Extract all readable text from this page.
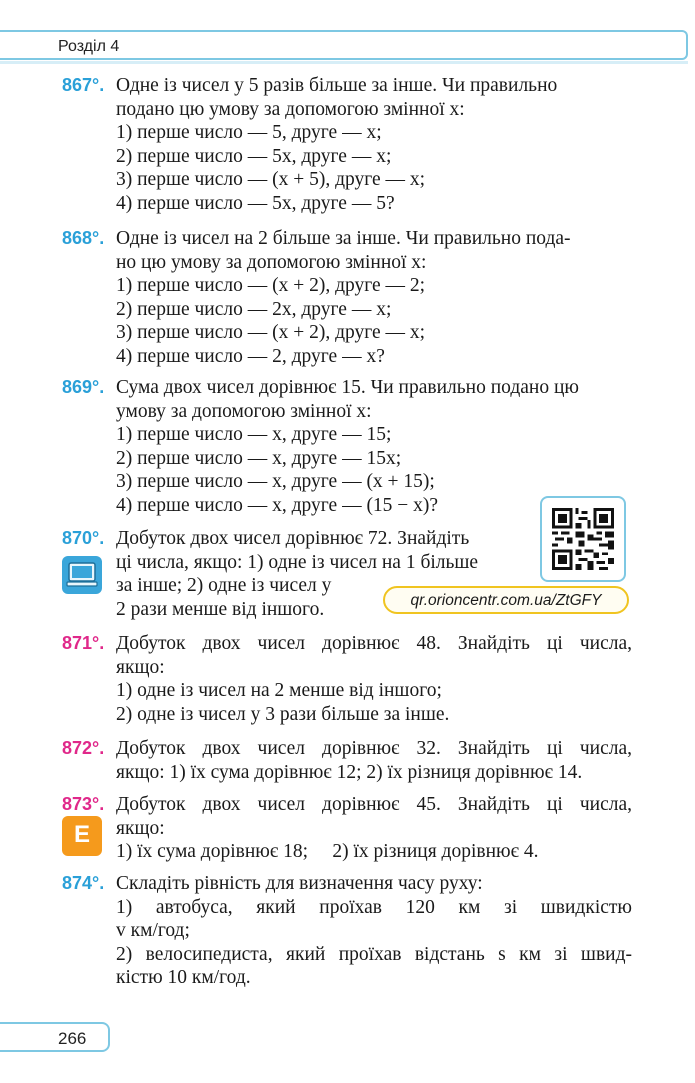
Розділ 4
867°. Одне із чисел у 5 разів більше за інше. Чи правильно
подано цю умову за допомогою змінної x:
1) перше число — 5, друге — x;
2) перше число — 5x, друге — x;
3) перше число — (x + 5), друге — x;
4) перше число — 5x, друге — 5?
868°. Одне із чисел на 2 більше за інше. Чи правильно пода-
но цю умову за допомогою змінної x:
1) перше число — (x + 2), друге — 2;
2) перше число — 2x, друге — x;
3) перше число — (x + 2), друге — x;
4) перше число — 2, друге — x?
869°. Сума двох чисел дорівнює 15. Чи правильно подано цю
умову за допомогою змінної x:
1) перше число — x, друге — 15;
2) перше число — x, друге — 15x;
3) перше число — x, друге — (x + 15);
4) перше число — x, друге — (15 − x)?
870°. Добуток двох чисел дорівнює 72. Знайдіть
ці числа, якщо: 1) одне із чисел на 1 більше
за інше; 2) одне із чисел у
2 рази менше від іншого.	qr.orioncentr.com.ua/ZtGFY
871°. Добуток двох чисел дорівнює 48. Знайдіть ці числа,
якщо:
1) одне із чисел на 2 менше від іншого;
2) одне із чисел у 3 рази більше за інше.
872°. Добуток двох чисел дорівнює 32. Знайдіть ці числа,
якщо: 1) їх сума дорівнює 12; 2) їх різниця дорівнює 14.
873°. Добуток двох чисел дорівнює 45. Знайдіть ці числа,
якщо:
1) їх сума дорівнює 18;     2) їх різниця дорівнює 4.
E
874°. Складіть рівність для визначення часу руху:
1) автобуса, який проїхав 120 км зі швидкістю
v км/год;
2) велосипедиста, який проїхав відстань s км зі швид-
кістю 10 км/год.
266
